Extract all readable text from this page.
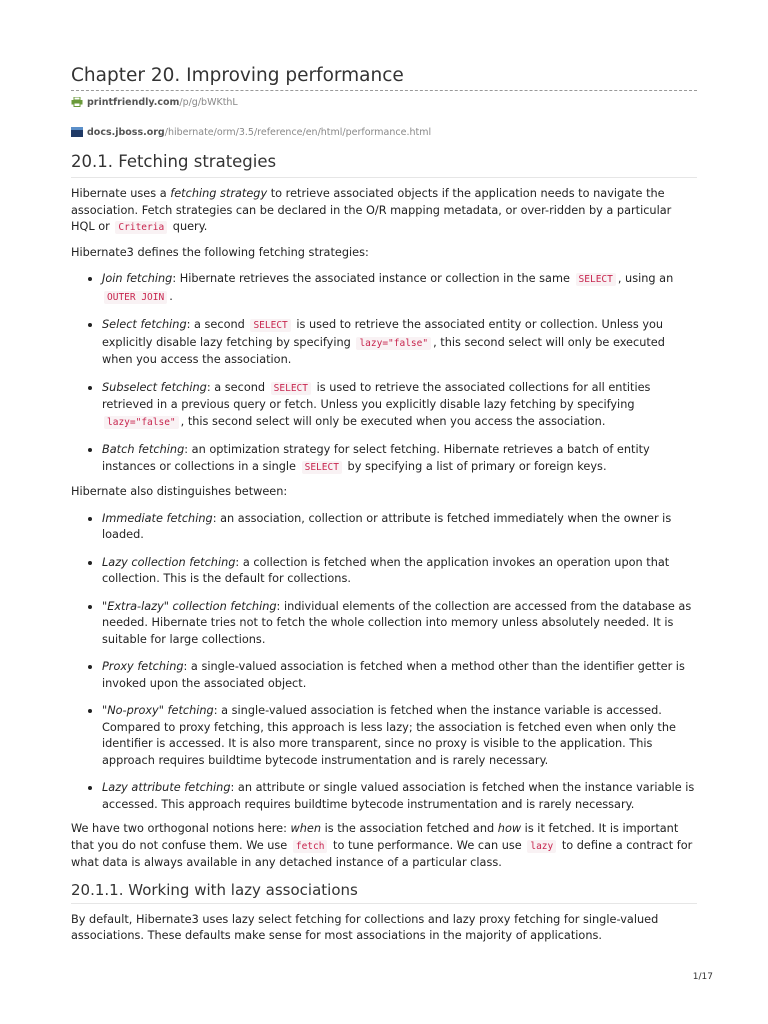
Chapter 20. Improving performance
printfriendly.com /p/g/bWKthL
docs.jboss.org /hibernate/orm/3.5/reference/en/html/performance.html
20.1. Fetching strategies

Hibernate uses a fetching strategy to retrieve associated objects if the application needs to navigate the association. Fetch strategies can be declared in the O/R mapping metadata, or over-ridden by a particular HQL or Criteria query.

Hibernate3 defines the following fetching strategies:

Join fetching: Hibernate retrieves the associated instance or collection in the same SELECT , using an OUTER JOIN .
Select fetching: a second SELECT is used to retrieve the associated entity or collection. Unless you explicitly disable lazy fetching by specifying lazy="false" , this second select will only be executed when you access the association.
Subselect fetching: a second SELECT is used to retrieve the associated collections for all entities retrieved in a previous query or fetch. Unless you explicitly disable lazy fetching by specifying lazy="false" , this second select will only be executed when you access the association.
Batch fetching: an optimization strategy for select fetching. Hibernate retrieves a batch of entity instances or collections in a single SELECT by specifying a list of primary or foreign keys.

Hibernate also distinguishes between:

Immediate fetching: an association, collection or attribute is fetched immediately when the owner is loaded.
Lazy collection fetching: a collection is fetched when the application invokes an operation upon that collection. This is the default for collections.
"Extra-lazy" collection fetching: individual elements of the collection are accessed from the database as needed. Hibernate tries not to fetch the whole collection into memory unless absolutely needed. It is suitable for large collections.
Proxy fetching: a single-valued association is fetched when a method other than the identifier getter is invoked upon the associated object.
"No-proxy" fetching: a single-valued association is fetched when the instance variable is accessed. Compared to proxy fetching, this approach is less lazy; the association is fetched even when only the identifier is accessed. It is also more transparent, since no proxy is visible to the application. This approach requires buildtime bytecode instrumentation and is rarely necessary.
Lazy attribute fetching: an attribute or single valued association is fetched when the instance variable is accessed. This approach requires buildtime bytecode instrumentation and is rarely necessary.

We have two orthogonal notions here: when is the association fetched and how is it fetched. It is important that you do not confuse them. We use fetch to tune performance. We can use lazy to define a contract for what data is always available in any detached instance of a particular class.

20.1.1. Working with lazy associations

By default, Hibernate3 uses lazy select fetching for collections and lazy proxy fetching for single-valued associations. These defaults make sense for most associations in the majority of applications.

1/17
